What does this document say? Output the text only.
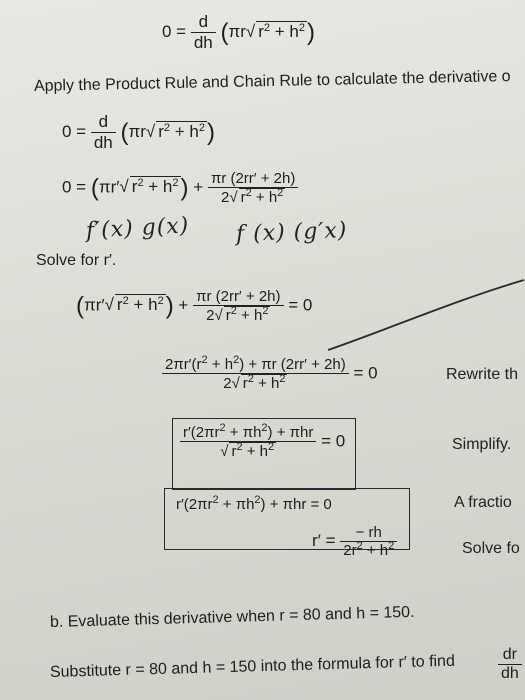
$0 = \frac{d}{dh} (\pi r√$ $r^2 + h^2$)
Apply the Product Rule and Chain Rule to calculate the derivative o
$0 = \frac{d}{dh} (\pi r√$ $r^2 + h^2$)
0 = (πr′√ $r^2 + h^2) + \frac{\pi r (2rr' + 2h)}{2√ r^2 + h^2}$
f′(x) g(x) f (x) (g′x)
Solve for r′.
(πr′√ $r^2 + h^2) + \frac{\pi r (2rr' + 2h)}{2√ r^2 + h^2} = 0$
$\frac{2\pi r'(r^2 + h^2) + \pi r (2rr' + 2h)}{2√ r^2 + h^2} = 0$	Rewrite th
$r'(2\pi r^2 + \pi h^2) + \pi hr$
√ $r^2 + h^2 = 0$	Simplify.
$r'(2\pi r^2 + \pi h^2) + \pi hr = 0$	A fractio
$r' = \frac{- rh}{2r^2 + h^2}$	Solve fo
b. Evaluate this derivative when r = 80 and h = 150.
Substitute r = 80 and h = 150 into the formula for r′ to find	$\frac{dr}{dh}$
